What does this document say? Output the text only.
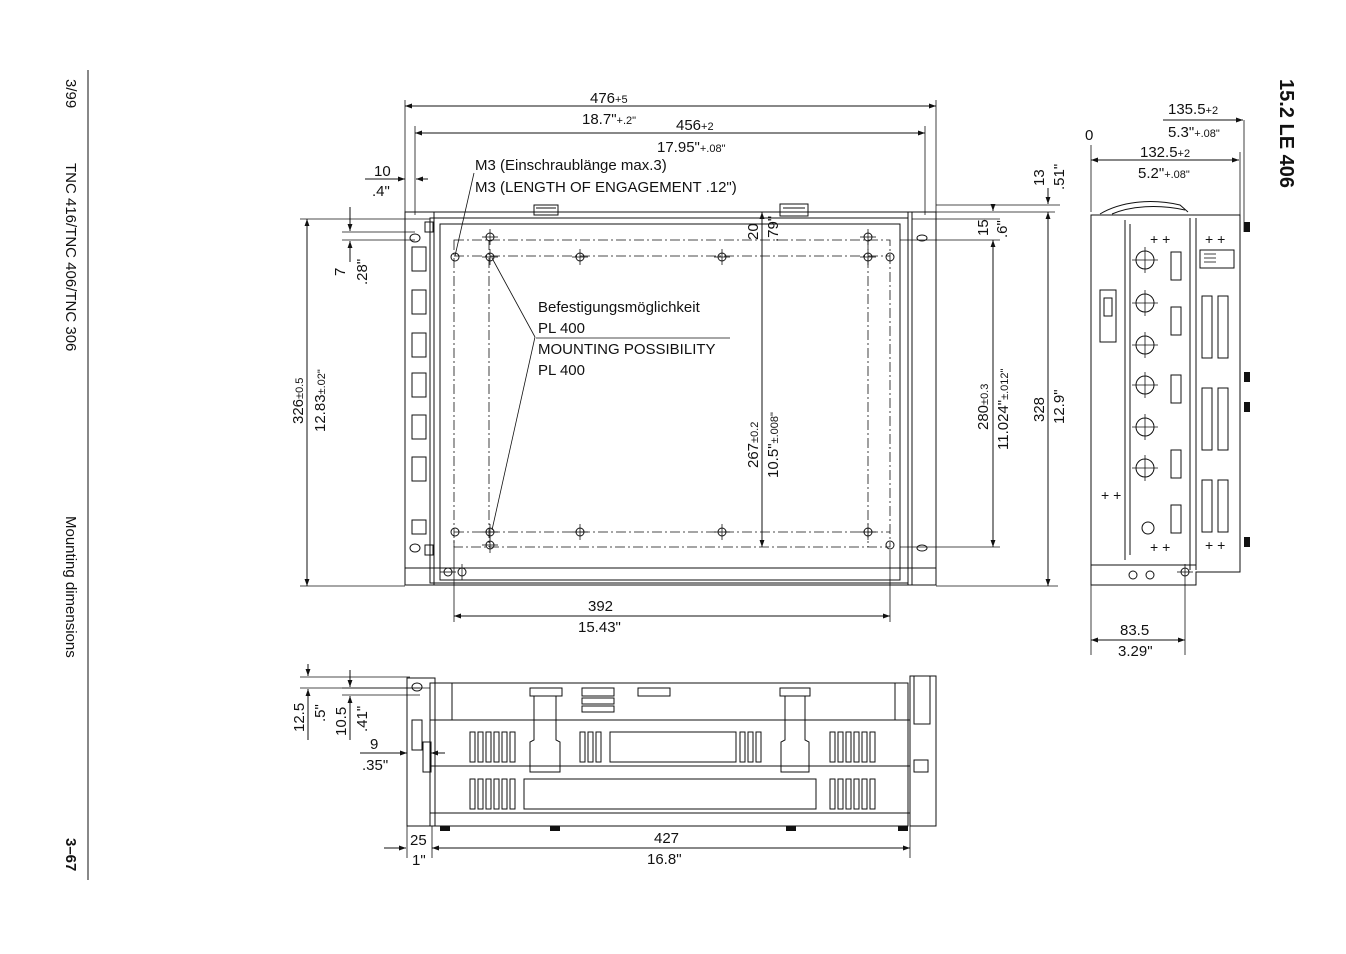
3/99
TNC 416/TNC 406/TNC 306
Mounting dimensions
3–67
15.2 LE 406
476+5
18.7"+.2"	456+2
17.95"+.08"
10
.4"
M3 (Einschraublänge max.3)
M3 (LENGTH OF ENGAGEMENT .12")
Befestigungsmöglichkeit
PL 400
MOUNTING POSSIBILITY
PL 400
326±0.5
12.83±.02"
7 .28"
267±0.2
10.5"±.008"
20 .79"	15 .6"
13 .51"
280±0.3
11.024"±.012"
328 12.9"
392
15.43"
0
135.5+2
5.3"+.08"
132.5+2
5.2"+.08"
+ + + +
+ + + +
+ +
83.5
3.29"
12.5 .5" 10.5 .41"
9
.35"
25
1"
427
16.8"
